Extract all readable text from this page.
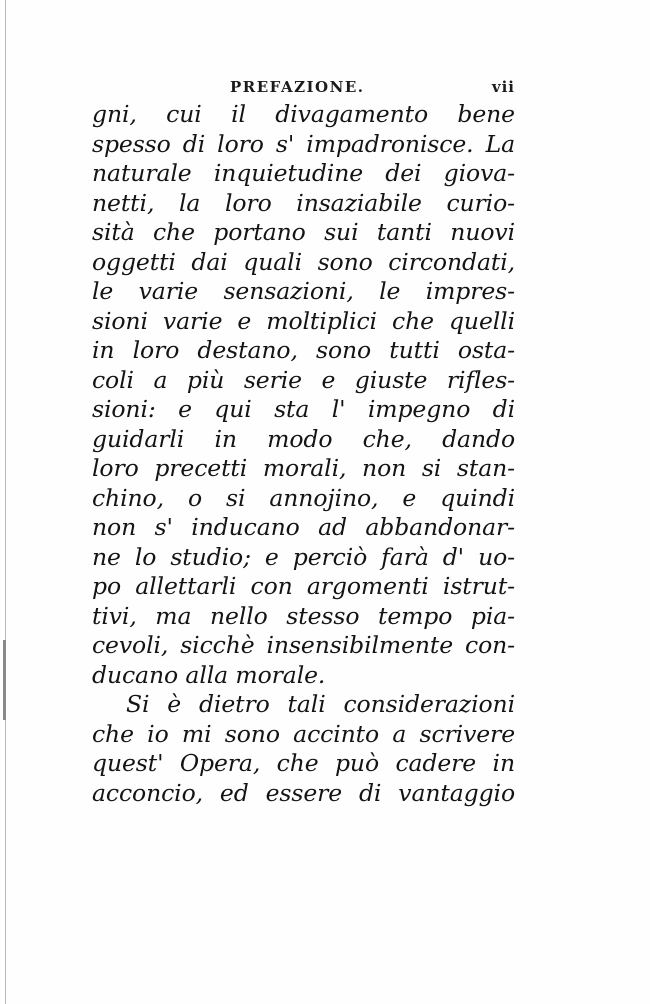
PREFAZIONE.	vii
gni, cui il divagamento bene
spesso di loro s' impadronisce. La
naturale inquietudine dei giova-
netti, la loro insaziabile curio-
sità che portano sui tanti nuovi
oggetti dai quali sono circondati,
le varie sensazioni, le impres-
sioni varie e moltiplici che quelli
in loro destano, sono tutti osta-
coli a più serie e giuste rifles-
sioni: e qui sta l' impegno di
guidarli in modo che, dando
loro precetti morali, non si stan-
chino, o si annojino, e quindi
non s' inducano ad abbandonar-
ne lo studio; e perciò farà d' uo-
po allettarli con argomenti istrut-
tivi, ma nello stesso tempo pia-
cevoli, sicchè insensibilmente con-
ducano alla morale.
Si è dietro tali considerazioni
che io mi sono accinto a scrivere
quest' Opera, che può cadere in
acconcio, ed essere di vantaggio
